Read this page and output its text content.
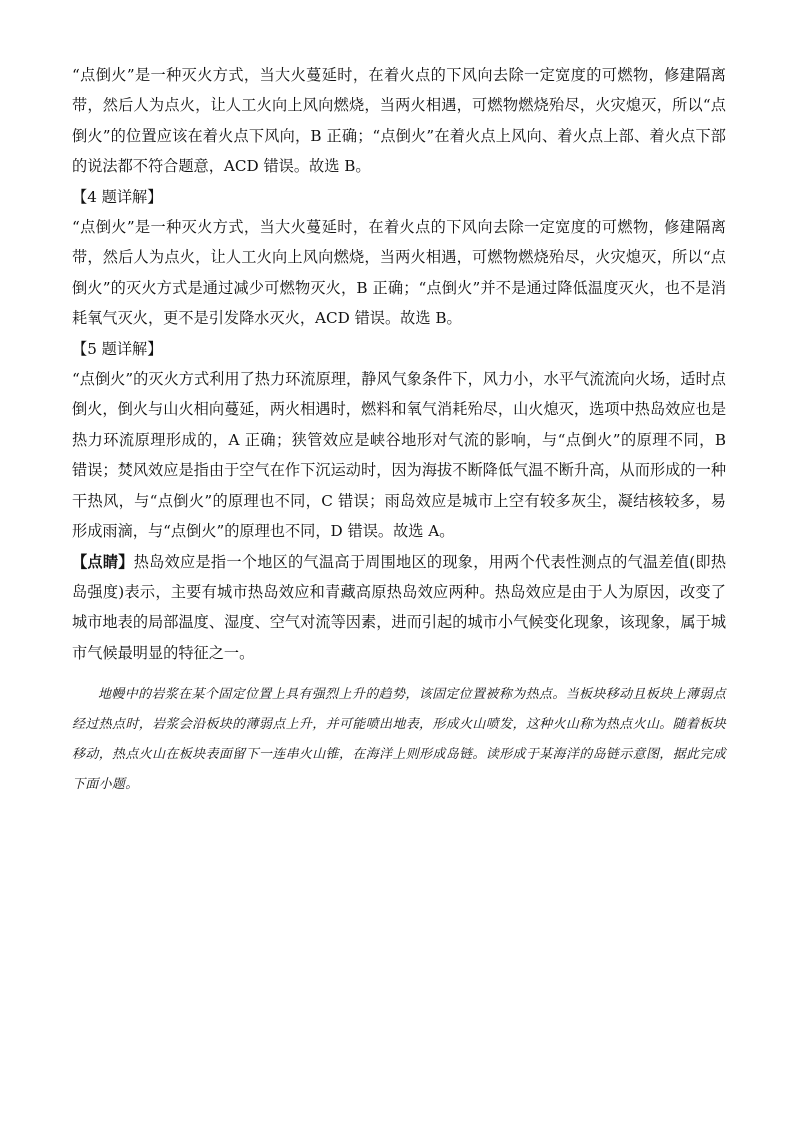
“点倒火”是一种灭火方式，当大火蔓延时，在着火点的下风向去除一定宽度的可燃物，修建隔离带，然后人为点火，让人工火向上风向燃烧，当两火相遇，可燃物燃烧殆尽，火灾熄灭，所以“点倒火”的位置应该在着火点下风向，B 正确；“点倒火”在着火点上风向、着火点上部、着火点下部的说法都不符合题意，ACD 错误。故选 B。

【4 题详解】

“点倒火”是一种灭火方式，当大火蔓延时，在着火点的下风向去除一定宽度的可燃物，修建隔离带，然后人为点火，让人工火向上风向燃烧，当两火相遇，可燃物燃烧殆尽，火灾熄灭，所以“点倒火”的灭火方式是通过减少可燃物灭火，B 正确；“点倒火”并不是通过降低温度灭火，也不是消耗氧气灭火，更不是引发降水灭火，ACD 错误。故选 B。

【5 题详解】

“点倒火”的灭火方式利用了热力环流原理，静风气象条件下，风力小，水平气流流向火场，适时点倒火，倒火与山火相向蔓延，两火相遇时，燃料和氧气消耗殆尽，山火熄灭，选项中热岛效应也是热力环流原理形成的，A 正确；狭管效应是峡谷地形对气流的影响，与“点倒火”的原理不同，B 错误；焚风效应是指由于空气在作下沉运动时，因为海拔不断降低气温不断升高，从而形成的一种干热风，与“点倒火”的原理也不同，C 错误；雨岛效应是城市上空有较多灰尘，凝结核较多，易形成雨滴，与“点倒火”的原理也不同，D 错误。故选 A。

【点睛】热岛效应是指一个地区的气温高于周围地区的现象，用两个代表性测点的气温差值(即热岛强度)表示，主要有城市热岛效应和青藏高原热岛效应两种。热岛效应是由于人为原因，改变了城市地表的局部温度、湿度、空气对流等因素，进而引起的城市小气候变化现象，该现象，属于城市气候最明显的特征之一。

地幔中的岩浆在某个固定位置上具有强烈上升的趋势，该固定位置被称为热点。当板块移动且板块上薄弱点经过热点时，岩浆会沿板块的薄弱点上升，并可能喷出地表，形成火山喷发，这种火山称为热点火山。随着板块移动，热点火山在板块表面留下一连串火山锥，在海洋上则形成岛链。读形成于某海洋的岛链示意图，据此完成下面小题。
